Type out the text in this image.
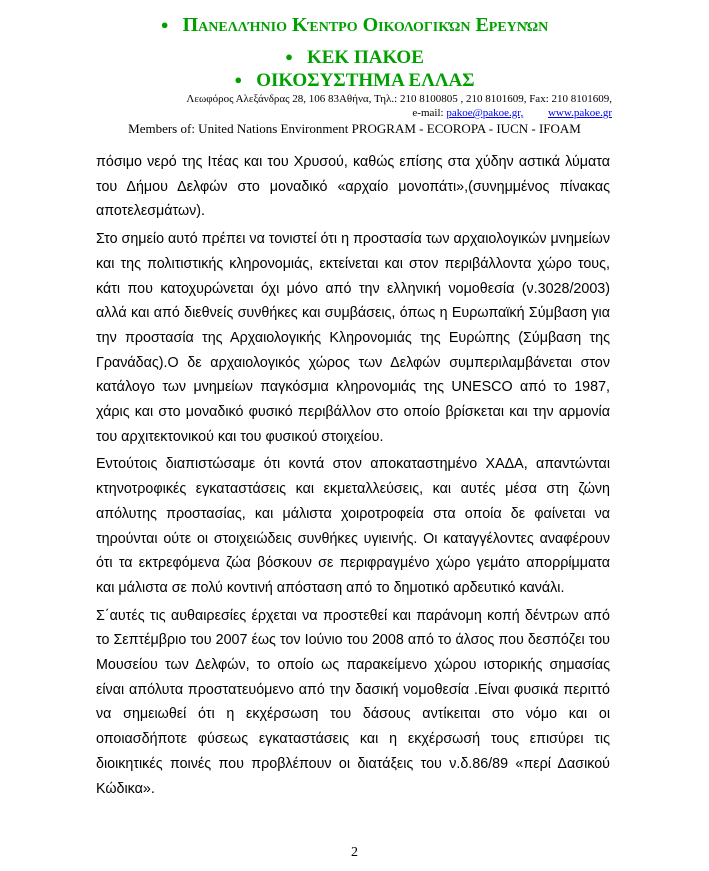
● Πανελλήνιο Κέντρο Οικολογικών Ερευνών
● ΚΕΚ ΠΑΚΟΕ
● ΟΙΚΟΣΥΣΤΗΜΑ ΕΛΛΑΣ
Λεωφόρος Αλεξάνδρας 28, 106 83Αθήνα, Τηλ.: 210 8100805 , 210 8101609, Fax: 210 8101609,
e-mail: pakoe@pakoe.gr, www.pakoe.gr
Members of: United Nations Environment PROGRAM - ECOROPA - IUCN - IFOAM

πόσιμο νερό της Ιτέας και του Χρυσού, καθώς επίσης στα χύδην αστικά λύματα του Δήμου Δελφών στο μοναδικό «αρχαίο μονοπάτι»,(συνημμένος πίνακας αποτελεσμάτων).

Στο σημείο αυτό πρέπει να τονιστεί ότι η προστασία των αρχαιολογικών μνημείων και της πολιτιστικής κληρονομιάς, εκτείνεται και στον περιβάλλοντα χώρο τους, κάτι που κατοχυρώνεται όχι μόνο από την ελληνική νομοθεσία (ν.3028/2003) αλλά και από διεθνείς συνθήκες και συμβάσεις, όπως η Ευρωπαϊκή Σύμβαση για την προστασία της Αρχαιολογικής Κληρονομιάς της Ευρώπης (Σύμβαση της Γρανάδας).Ο δε αρχαιολογικός χώρος των Δελφών συμπεριλαμβάνεται στον κατάλογο των μνημείων παγκόσμια κληρονομιάς της UNESCO από το 1987, χάρις και στο μοναδικό φυσικό περιβάλλον στο οποίο βρίσκεται και την αρμονία του αρχιτεκτονικού και του φυσικού στοιχείου.

Εντούτοις διαπιστώσαμε ότι κοντά στον αποκαταστημένο ΧΑΔΑ, απαντώνται κτηνοτροφικές εγκαταστάσεις και εκμεταλλεύσεις, και αυτές μέσα στη ζώνη απόλυτης προστασίας, και μάλιστα χοιροτροφεία στα οποία δε φαίνεται να τηρούνται ούτε οι στοιχειώδεις συνθήκες υγιεινής. Οι καταγγέλοντες αναφέρουν ότι τα εκτρεφόμενα ζώα βόσκουν σε περιφραγμένο χώρο γεμάτο απορρίμματα και μάλιστα σε πολύ κοντινή απόσταση από το δημοτικό αρδευτικό κανάλι.

Σ΄αυτές τις αυθαιρεσίες έρχεται να προστεθεί και παράνομη κοπή δέντρων από το Σεπτέμβριο του 2007 έως τον Ιούνιο του 2008 από το άλσος που δεσπόζει του Μουσείου των Δελφών, το οποίο ως παρακείμενο χώρου ιστορικής σημασίας είναι απόλυτα προστατευόμενο από την δασική νομοθεσία .Είναι φυσικά περιττό να σημειωθεί ότι η εκχέρσωση του δάσους αντίκειται στο νόμο και οι οποιασδήποτε φύσεως εγκαταστάσεις και η εκχέρσωσή τους επισύρει τις διοικητικές ποινές που προβλέπουν οι διατάξεις του ν.δ.86/89 «περί Δασικού Κώδικα».

2
